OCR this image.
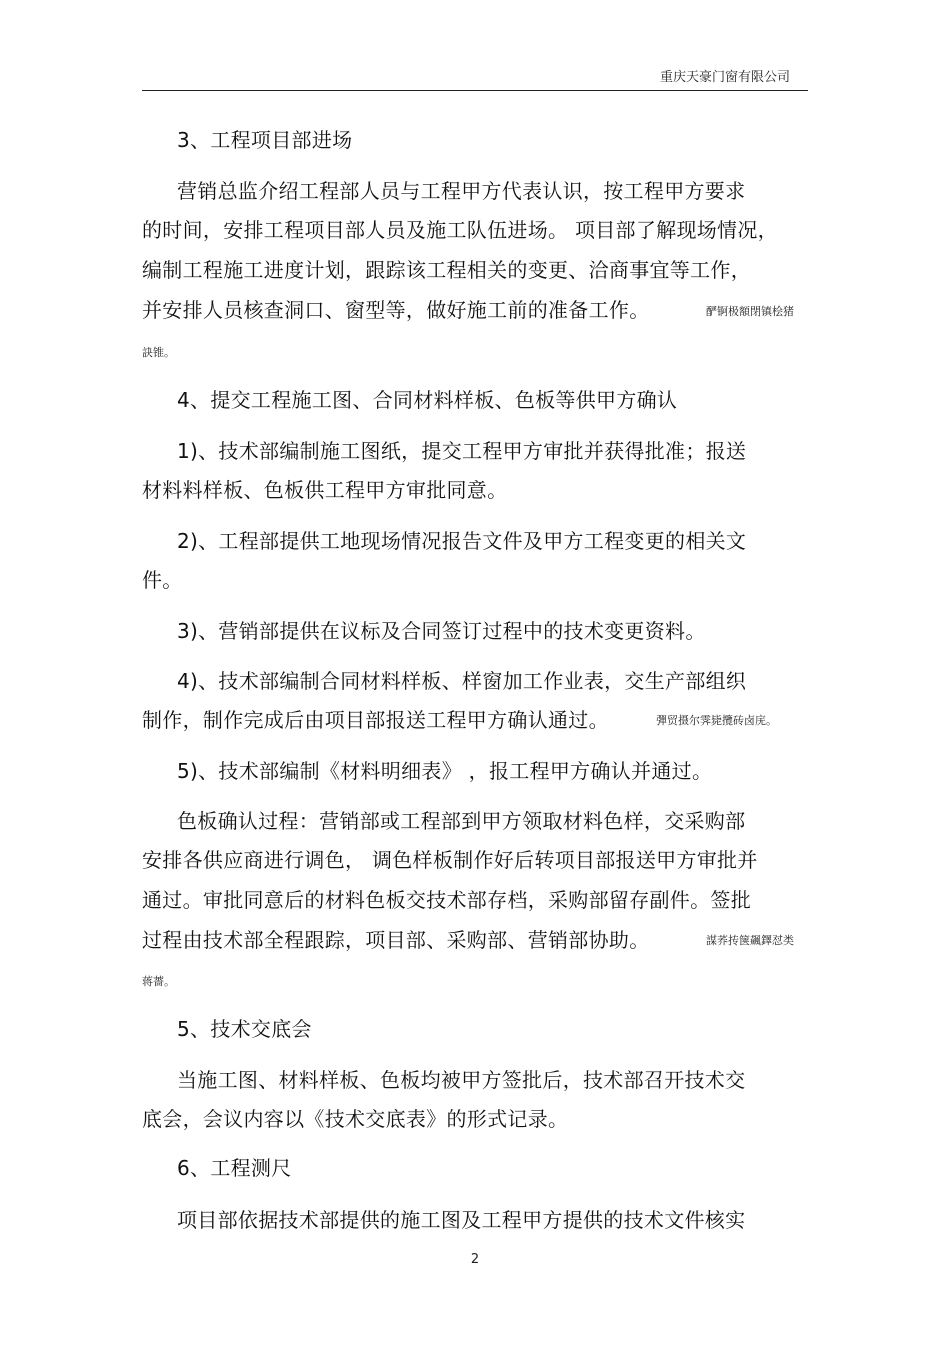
重庆天豪门窗有限公司
3、工程项目部进场
营销总监介绍工程部人员与工程甲方代表认识，按工程甲方要求
的时间，安排工程项目部人员及施工队伍进场。 项目部了解现场情况，
编制工程施工进度计划，跟踪该工程相关的变更、洽商事宜等工作，
并安排人员核查洞口、窗型等，做好施工前的准备工作。	酽锕极額閉镇桧猪
訣锥。
4、提交工程施工图、合同材料样板、色板等供甲方确认
1)、技术部编制施工图纸，提交工程甲方审批并获得批准；报送
材料料样板、色板供工程甲方审批同意。
2)、工程部提供工地现场情况报告文件及甲方工程变更的相关文
件。
3)、营销部提供在议标及合同签订过程中的技术变更资料。
4)、技术部编制合同材料样板、样窗加工作业表，交生产部组织
制作，制作完成后由项目部报送工程甲方确认通过。	彈贸摄尔霁毙攬砖卤庑。
5)、技术部编制《材料明细表》 ，报工程甲方确认并通过。
色板确认过程：营销部或工程部到甲方领取材料色样，交采购部
安排各供应商进行调色， 调色样板制作好后转项目部报送甲方审批并
通过。审批同意后的材料色板交技术部存档，采购部留存副件。签批
过程由技术部全程跟踪，项目部、采购部、营销部协助。	謀荞抟箧飆鐸怼类
蒋薔。
5、技术交底会
当施工图、材料样板、色板均被甲方签批后，技术部召开技术交
底会，会议内容以《技术交底表》的形式记录。
6、工程测尺
项目部依据技术部提供的施工图及工程甲方提供的技术文件核实
2
